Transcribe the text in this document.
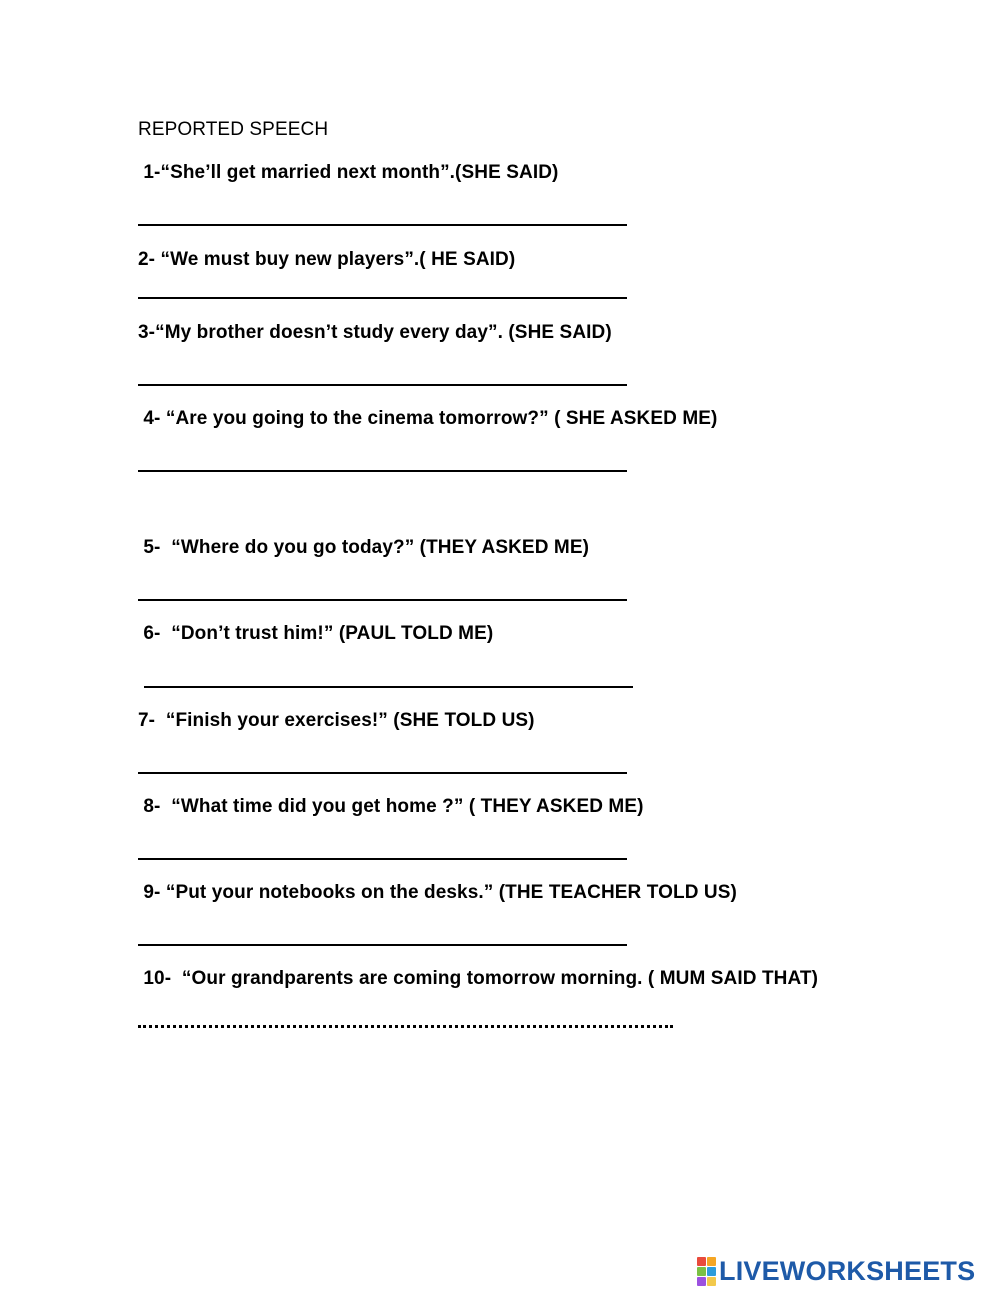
REPORTED SPEECH
1-“She’ll get married next month”.(SHE SAID)
2- “We must buy new players”.( HE SAID)
3-“My brother doesn’t study every day”. (SHE SAID)
4- “Are you going to the cinema tomorrow?” ( SHE ASKED ME)
5-  “Where do you go today?” (THEY ASKED ME)
6-  “Don’t trust him!” (PAUL TOLD ME)
7-  “Finish your exercises!” (SHE TOLD US)
8-  “What time did you get home ?” ( THEY ASKED ME)
9- “Put your notebooks on the desks.” (THE TEACHER TOLD US)
10-  “Our grandparents are coming tomorrow morning. ( MUM SAID THAT)
LIVEWORKSHEETS
